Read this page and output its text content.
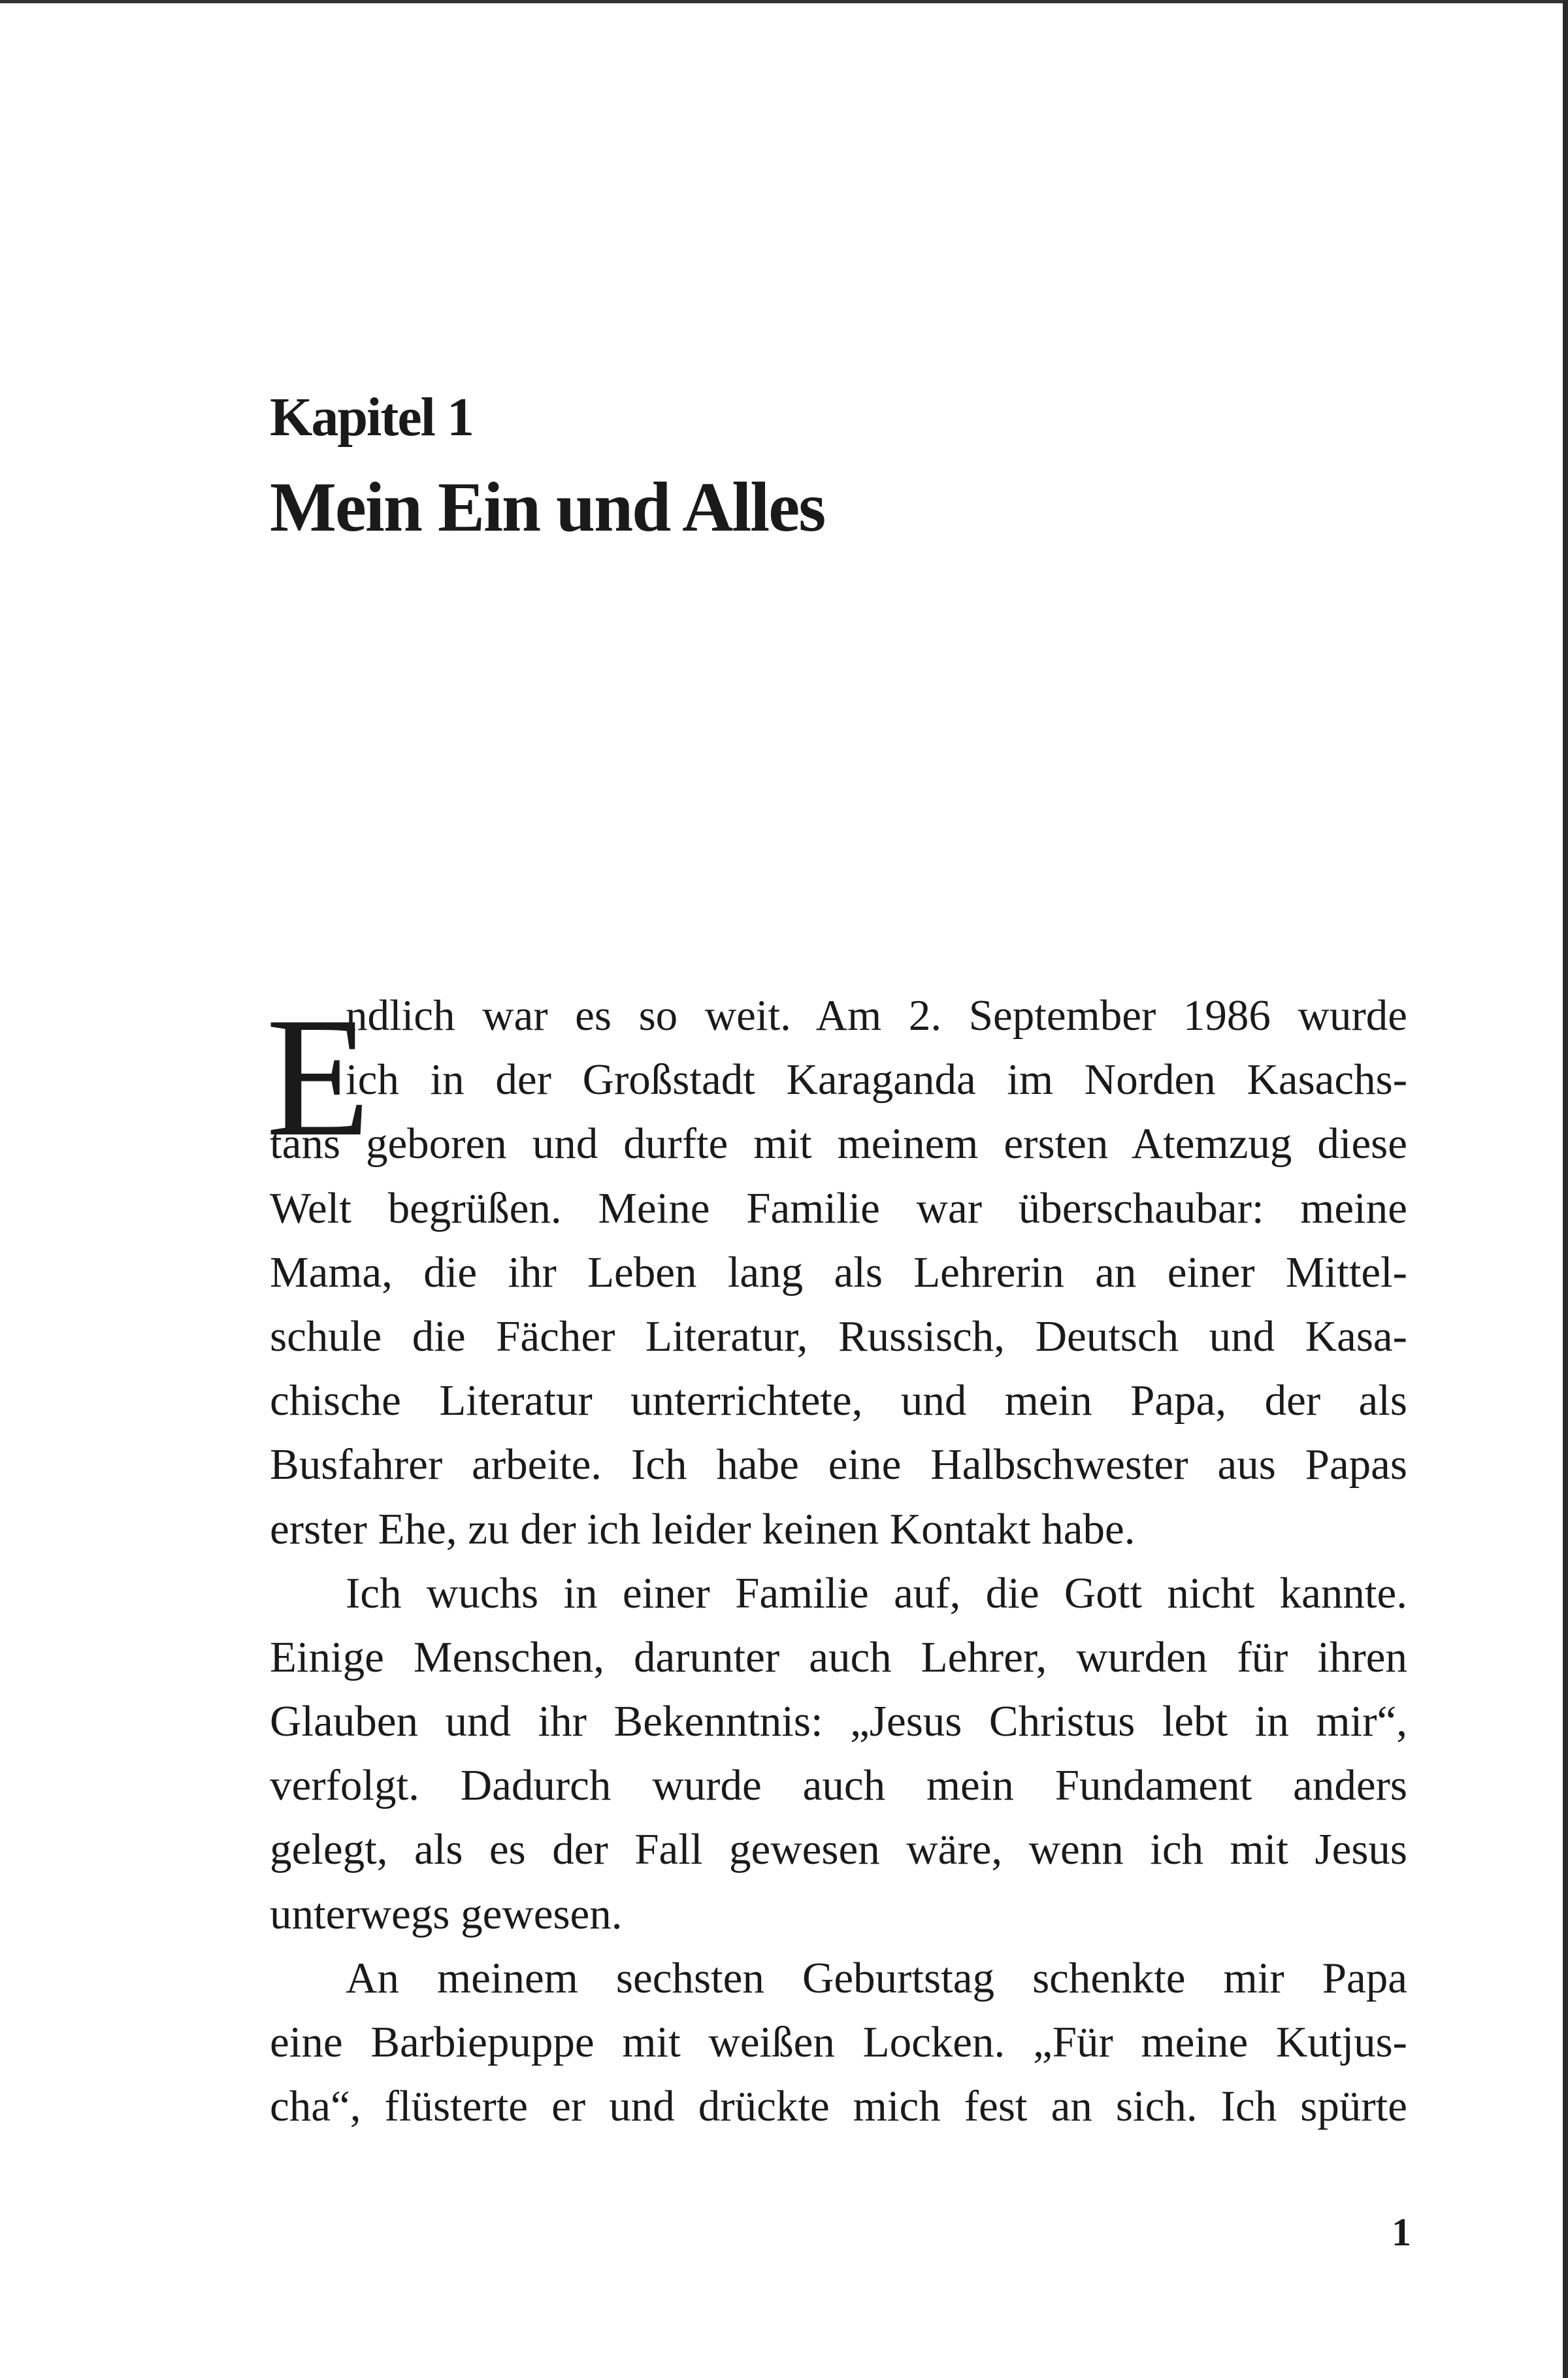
Kapitel 1
Mein Ein und Alles
E
ndlich war es so weit. Am 2. September 1986 wurde
ich in der Großstadt Karaganda im Norden Kasachs-
tans geboren und durfte mit meinem ersten Atemzug diese
Welt begrüßen. Meine Familie war überschaubar: meine
Mama, die ihr Leben lang als Lehrerin an einer Mittel-
schule die Fächer Literatur, Russisch, Deutsch und Kasa-
chische Literatur unterrichtete, und mein Papa, der als
Busfahrer arbeite. Ich habe eine Halbschwester aus Papas
erster Ehe, zu der ich leider keinen Kontakt habe.
Ich wuchs in einer Familie auf, die Gott nicht kannte.
Einige Menschen, darunter auch Lehrer, wurden für ihren
Glauben und ihr Bekenntnis: „Jesus Christus lebt in mir“,
verfolgt. Dadurch wurde auch mein Fundament anders
gelegt, als es der Fall gewesen wäre, wenn ich mit Jesus
unterwegs gewesen.
An meinem sechsten Geburtstag schenkte mir Papa
eine Barbiepuppe mit weißen Locken. „Für meine Kutjus-
cha“, flüsterte er und drückte mich fest an sich. Ich spürte
1
